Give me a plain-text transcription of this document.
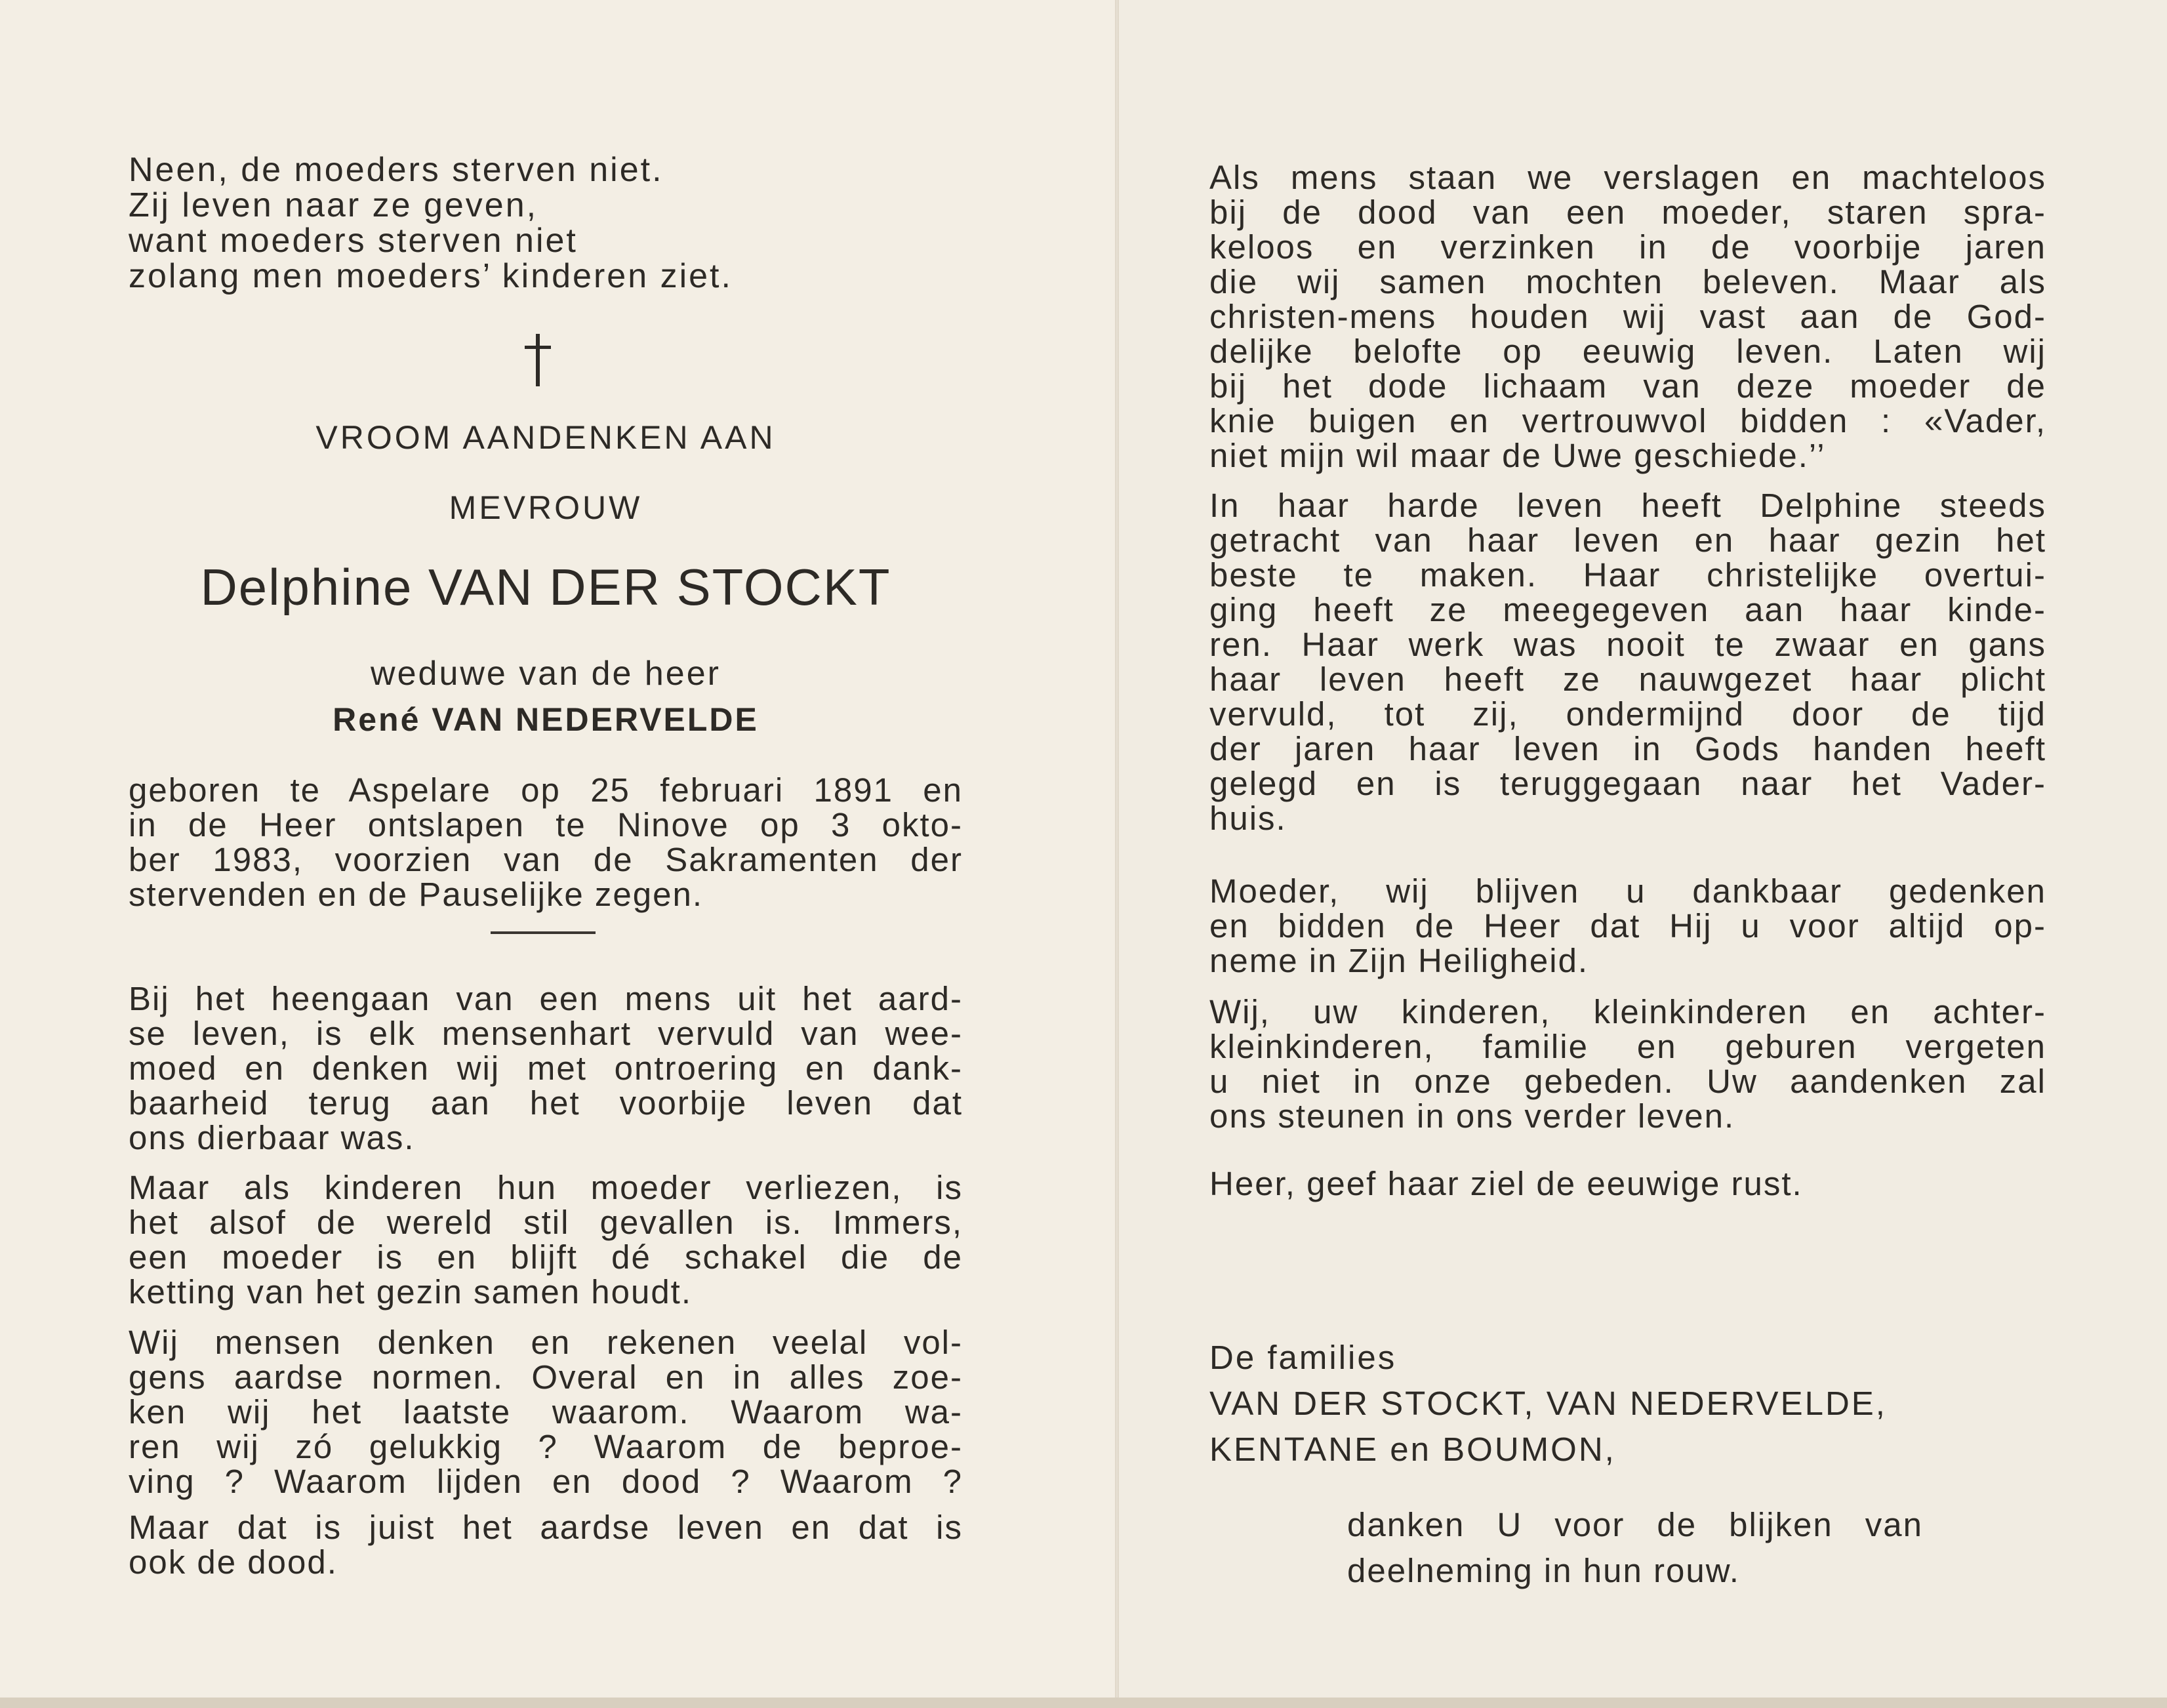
Neen, de moeders sterven niet.
Zij leven naar ze geven,
want moeders sterven niet
zolang men moeders’ kinderen ziet.
VROOM AANDENKEN AAN
MEVROUW
Delphine VAN DER STOCKT
weduwe van de heer
René VAN NEDERVELDE
geboren te Aspelare op 25 februari 1891 en
in de Heer ontslapen te Ninove op 3 okto-
ber 1983, voorzien van de Sakramenten der
stervenden en de Pauselijke zegen.
Bij het heengaan van een mens uit het aard-
se leven, is elk mensenhart vervuld van wee-
moed en denken wij met ontroering en dank-
baarheid terug aan het voorbije leven dat
ons dierbaar was.
Maar als kinderen hun moeder verliezen, is
het alsof de wereld stil gevallen is. Immers,
een moeder is en blijft dé schakel die de
ketting van het gezin samen houdt.
Wij mensen denken en rekenen veelal vol-
gens aardse normen. Overal en in alles zoe-
ken wij het laatste waarom. Waarom wa-
ren wij zó gelukkig ? Waarom de beproe-
ving ? Waarom lijden en dood ? Waarom ?
Maar dat is juist het aardse leven en dat is
ook de dood.
Als mens staan we verslagen en machteloos
bij de dood van een moeder, staren spra-
keloos en verzinken in de voorbije jaren
die wij samen mochten beleven. Maar als
christen-mens houden wij vast aan de God-
delijke belofte op eeuwig leven. Laten wij
bij het dode lichaam van deze moeder de
knie buigen en vertrouwvol bidden : «Vader,
niet mijn wil maar de Uwe geschiede.’’
In haar harde leven heeft Delphine steeds
getracht van haar leven en haar gezin het
beste te maken. Haar christelijke overtui-
ging heeft ze meegegeven aan haar kinde-
ren. Haar werk was nooit te zwaar en gans
haar leven heeft ze nauwgezet haar plicht
vervuld, tot zij, ondermijnd door de tijd
der jaren haar leven in Gods handen heeft
gelegd en is teruggegaan naar het Vader-
huis.
Moeder, wij blijven u dankbaar gedenken
en bidden de Heer dat Hij u voor altijd op-
neme in Zijn Heiligheid.
Wij, uw kinderen, kleinkinderen en achter-
kleinkinderen, familie en geburen vergeten
u niet in onze gebeden. Uw aandenken zal
ons steunen in ons verder leven.
Heer, geef haar ziel de eeuwige rust.
De families
VAN DER STOCKT, VAN NEDERVELDE,
KENTANE en BOUMON,
danken U voor de blijken van
deelneming in hun rouw.
